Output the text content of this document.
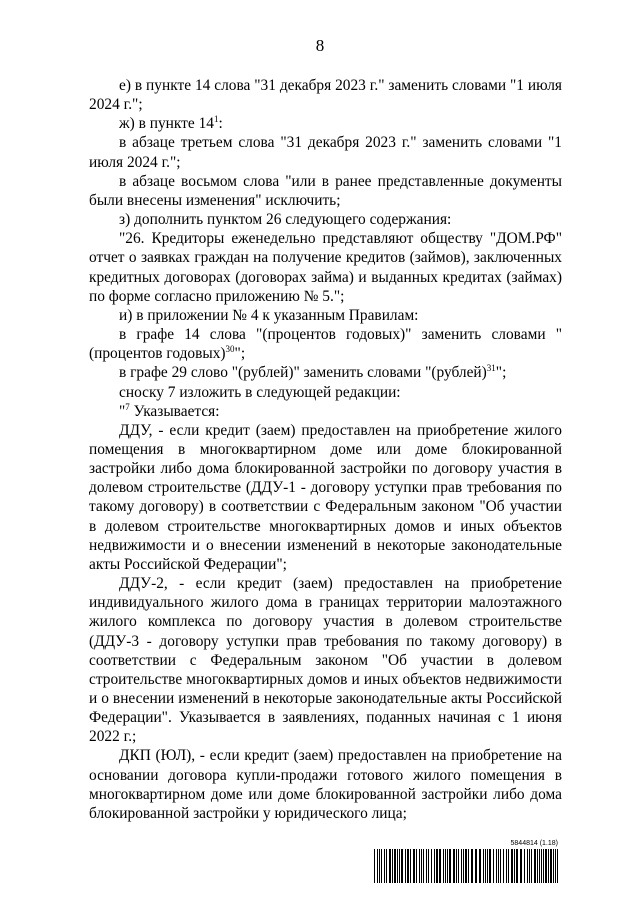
8

е) в пункте 14 слова "31 декабря 2023 г." заменить словами "1 июля 2024 г.";

ж) в пункте $14^1$:

в абзаце третьем слова "31 декабря 2023 г." заменить словами "1 июля 2024 г.";

в абзаце восьмом слова "или в ранее представленные документы были внесены изменения" исключить;

з) дополнить пунктом 26 следующего содержания:

"26. Кредиторы еженедельно представляют обществу "ДОМ.РФ" отчет о заявках граждан на получение кредитов (займов), заключенных кредитных договорах (договорах займа) и выданных кредитах (займах) по форме согласно приложению № 5.";

и) в приложении № 4 к указанным Правилам:

в графе 14 слова "(процентов годовых)" заменить словами "(процентов годовых)$^{30}$";

в графе 29 слово "(рублей)" заменить словами "(рублей)$^{31}$";

сноску 7 изложить в следующей редакции:

"$^7$ Указывается:

ДДУ, - если кредит (заем) предоставлен на приобретение жилого помещения в многоквартирном доме или доме блокированной застройки либо дома блокированной застройки по договору участия в долевом строительстве (ДДУ-1 - договору уступки прав требования по такому договору) в соответствии с Федеральным законом "Об участии в долевом строительстве многоквартирных домов и иных объектов недвижимости и о внесении изменений в некоторые законодательные акты Российской Федерации";

ДДУ-2, - если кредит (заем) предоставлен на приобретение индивидуального жилого дома в границах территории малоэтажного жилого комплекса по договору участия в долевом строительстве (ДДУ-3 - договору уступки прав требования по такому договору) в соответствии с Федеральным законом "Об участии в долевом строительстве многоквартирных домов и иных объектов недвижимости и о внесении изменений в некоторые законодательные акты Российской Федерации". Указывается в заявлениях, поданных начиная с 1 июня 2022 г.;

ДКП (ЮЛ), - если кредит (заем) предоставлен на приобретение на основании договора купли-продажи готового жилого помещения в многоквартирном доме или доме блокированной застройки либо дома блокированной застройки у юридического лица;

5844814 (1.18)
